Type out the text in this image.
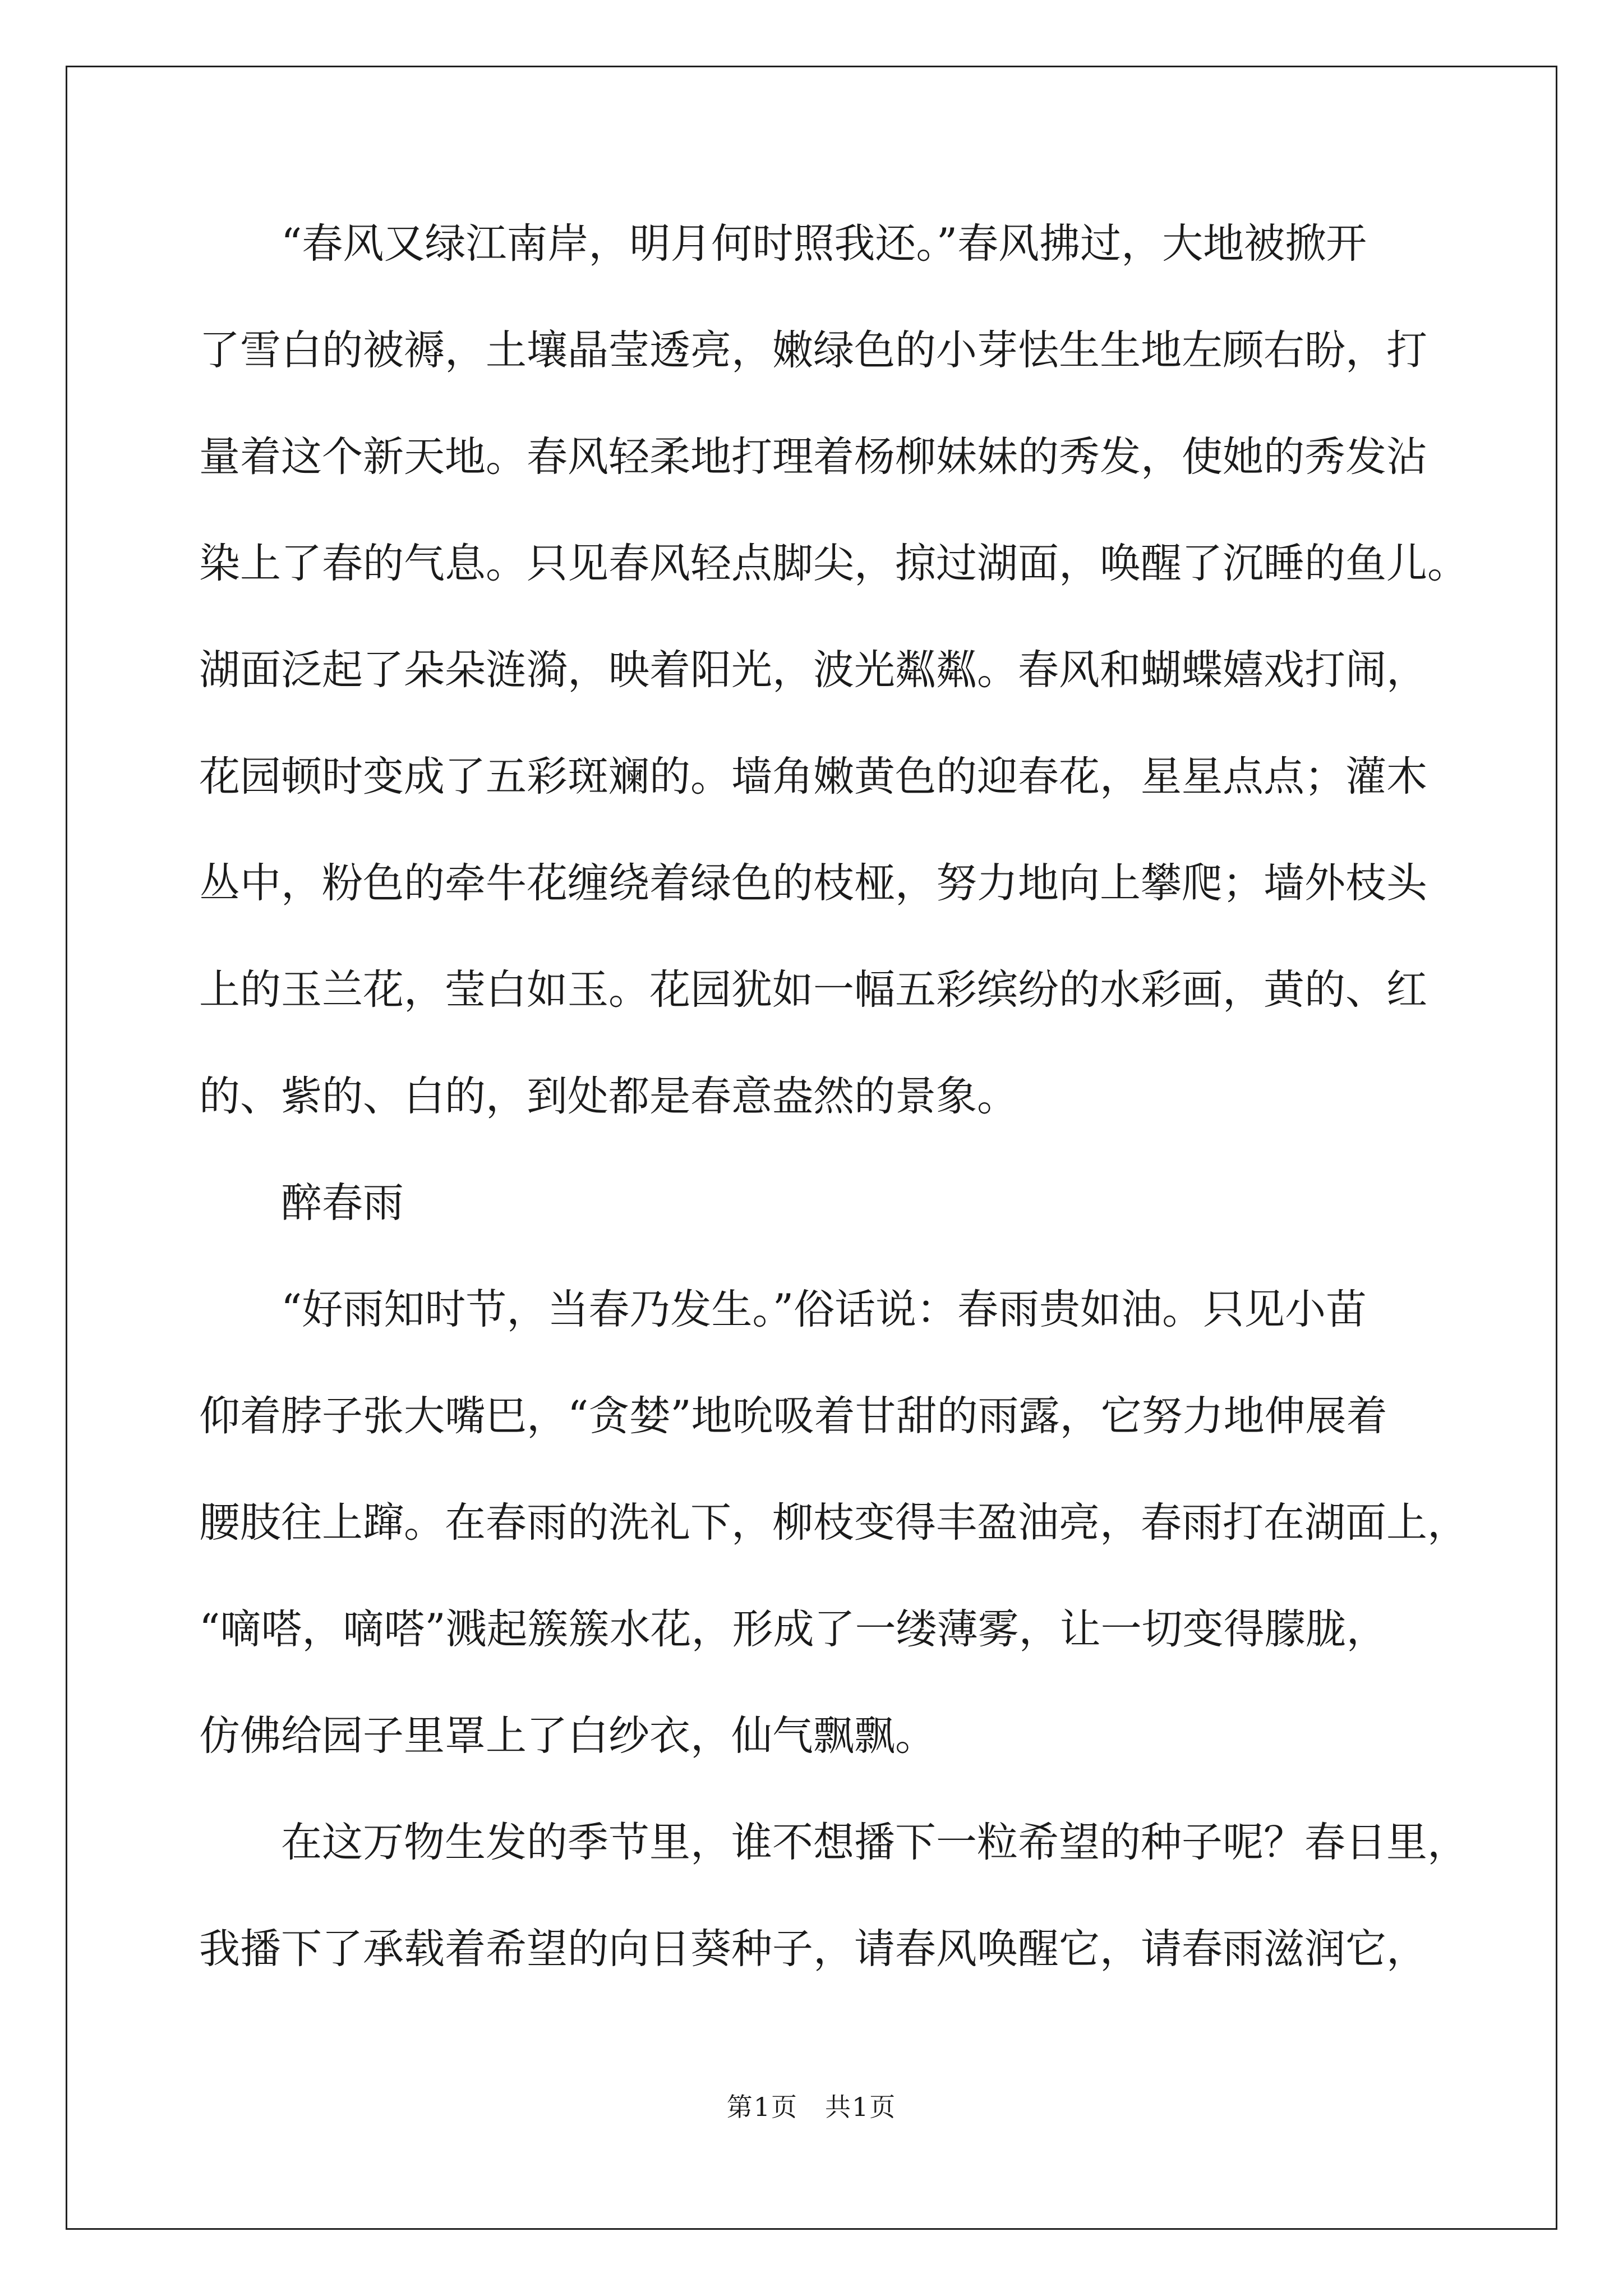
“春风又绿江南岸，明月何时照我还。”春风拂过，大地被掀开
了雪白的被褥，土壤晶莹透亮，嫩绿色的小芽怯生生地左顾右盼，打
量着这个新天地。春风轻柔地打理着杨柳妹妹的秀发，使她的秀发沾
染上了春的气息。只见春风轻点脚尖，掠过湖面，唤醒了沉睡的鱼儿。
湖面泛起了朵朵涟漪，映着阳光，波光粼粼。春风和蝴蝶嬉戏打闹，
花园顿时变成了五彩斑斓的。墙角嫩黄色的迎春花，星星点点；灌木
丛中，粉色的牵牛花缠绕着绿色的枝桠，努力地向上攀爬；墙外枝头
上的玉兰花，莹白如玉。花园犹如一幅五彩缤纷的水彩画，黄的、红
的、紫的、白的，到处都是春意盎然的景象。

醉春雨

“好雨知时节，当春乃发生。”俗话说：春雨贵如油。只见小苗
仰着脖子张大嘴巴，“贪婪”地吮吸着甘甜的雨露，它努力地伸展着
腰肢往上蹿。在春雨的洗礼下，柳枝变得丰盈油亮，春雨打在湖面上，
“嘀嗒，嘀嗒”溅起簇簇水花，形成了一缕薄雾，让一切变得朦胧，
仿佛给园子里罩上了白纱衣，仙气飘飘。

在这万物生发的季节里，谁不想播下一粒希望的种子呢？春日里，
我播下了承载着希望的向日葵种子，请春风唤醒它，请春雨滋润它，

第1页 共1页
